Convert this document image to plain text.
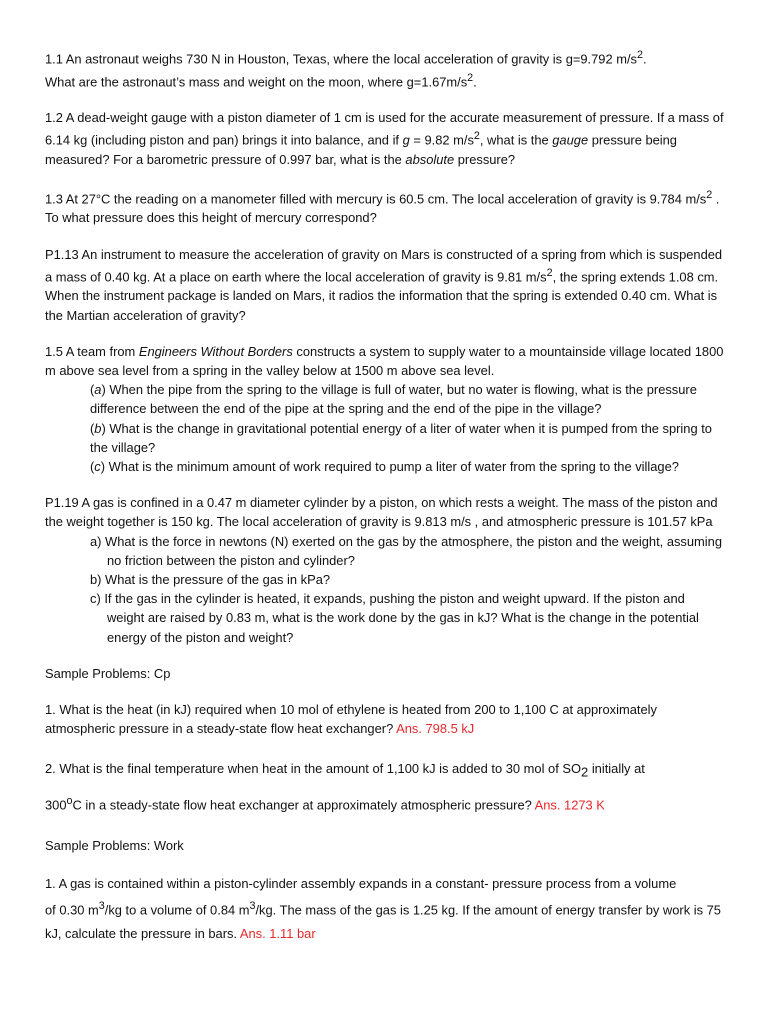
1.1 An astronaut weighs 730 N in Houston, Texas, where the local acceleration of gravity is g=9.792 $m/s^2$.
What are the astronaut’s mass and weight on the moon, where $g=1.67m/s^2$.

1.2 A dead-weight gauge with a piston diameter of 1 cm is used for the accurate measurement of pressure. If a mass of 6.14 kg (including piston and pan) brings it into balance, and if g = 9.82 $m/s^2$, what is the gauge pressure being measured? For a barometric pressure of 0.997 bar, what is the absolute pressure?

1.3 At 27°C the reading on a manometer filled with mercury is 60.5 cm. The local acceleration of gravity is 9.784 $m/s^2$ . To what pressure does this height of mercury correspond?

P1.13 An instrument to measure the acceleration of gravity on Mars is constructed of a spring from which is suspended a mass of 0.40 kg. At a place on earth where the local acceleration of gravity is 9.81 $m/s^2$, the spring extends 1.08 cm. When the instrument package is landed on Mars, it radios the information that the spring is extended 0.40 cm. What is the Martian acceleration of gravity?

1.5 A team from Engineers Without Borders constructs a system to supply water to a mountainside village located 1800 m above sea level from a spring in the valley below at 1500 m above sea level.

(a) When the pipe from the spring to the village is full of water, but no water is flowing, what is the pressure difference between the end of the pipe at the spring and the end of the pipe in the village?

(b) What is the change in gravitational potential energy of a liter of water when it is pumped from the spring to the village?

(c) What is the minimum amount of work required to pump a liter of water from the spring to the village?

P1.19 A gas is confined in a 0.47 m diameter cylinder by a piston, on which rests a weight. The mass of the piston and the weight together is 150 kg. The local acceleration of gravity is 9.813 m/s , and atmospheric pressure is 101.57 kPa

a) What is the force in newtons (N) exerted on the gas by the atmosphere, the piston and the weight, assuming no friction between the piston and cylinder?

b) What is the pressure of the gas in kPa?

c) If the gas in the cylinder is heated, it expands, pushing the piston and weight upward. If the piston and weight are raised by 0.83 m, what is the work done by the gas in kJ? What is the change in the potential energy of the piston and weight?

Sample Problems: Cp

1. What is the heat (in kJ) required when 10 mol of ethylene is heated from 200 to 1,100 C at approximately atmospheric pressure in a steady-state flow heat exchanger? Ans. 798.5 kJ

2. What is the final temperature when heat in the amount of 1,100 kJ is added to 30 mol of $SO_2$ initially at
300$^o$C in a steady-state flow heat exchanger at approximately atmospheric pressure? Ans. 1273 K

Sample Problems: Work

1. A gas is contained within a piston-cylinder assembly expands in a constant- pressure process from a volume
of 0.30 $m^3/kg$ to a volume of 0.84 $m^3/kg$. The mass of the gas is 1.25 kg. If the amount of energy transfer by work is 75 kJ, calculate the pressure in bars. Ans. 1.11 bar
